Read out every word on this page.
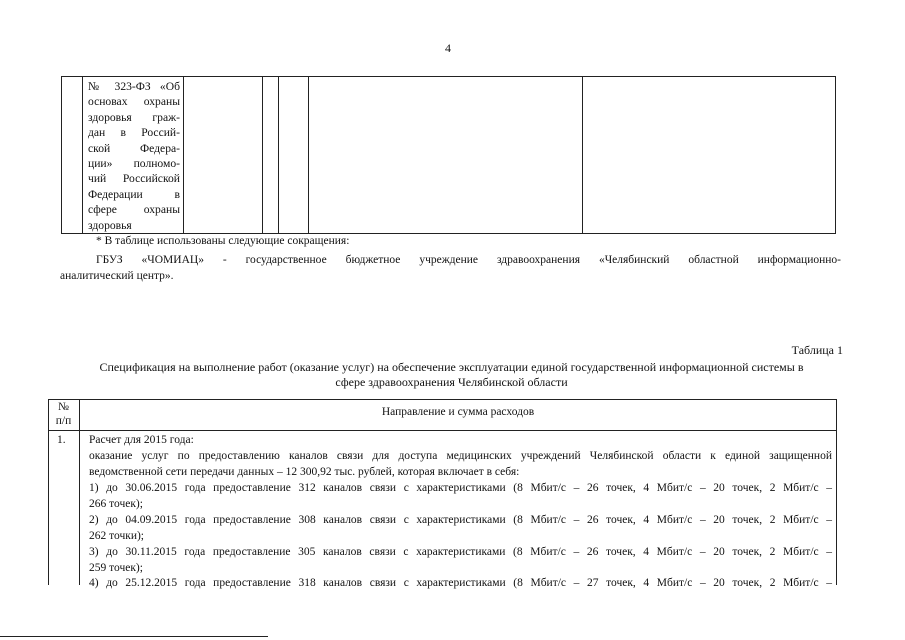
4
№ 323-ФЗ «Об
основах охраны
здоровья граж-
дан в Россий-
ской Федера-
ции» полномо-
чий Российской
Федерации в
сфере охраны
здоровья
* В таблице использованы следующие сокращения:
ГБУЗ «ЧОМИАЦ» - государственное бюджетное учреждение здравоохранения «Челябинский областной информационно-
аналитический центр».
Таблица 1
Спецификация на выполнение работ (оказание услуг) на обеспечение эксплуатации единой государственной информационной системы в
сфере здравоохранения Челябинской области
№
п/п
Направление и сумма расходов
1. Расчет для 2015 года:
оказание услуг по предоставлению каналов связи для доступа медицинских учреждений Челябинской области к единой защищенной
ведомственной сети передачи данных – 12 300,92 тыс. рублей, которая включает в себя:
1) до 30.06.2015 года предоставление 312 каналов связи с характеристиками (8 Мбит/с – 26 точек, 4 Мбит/с – 20 точек, 2 Мбит/с –
266 точек);
2) до 04.09.2015 года предоставление 308 каналов связи с характеристиками (8 Мбит/с – 26 точек, 4 Мбит/с – 20 точек, 2 Мбит/с –
262 точки);
3) до 30.11.2015 года предоставление 305 каналов связи с характеристиками (8 Мбит/с – 26 точек, 4 Мбит/с – 20 точек, 2 Мбит/с –
259 точек);
4) до 25.12.2015 года предоставление 318 каналов связи с характеристиками (8 Мбит/с – 27 точек, 4 Мбит/с – 20 точек, 2 Мбит/с –
